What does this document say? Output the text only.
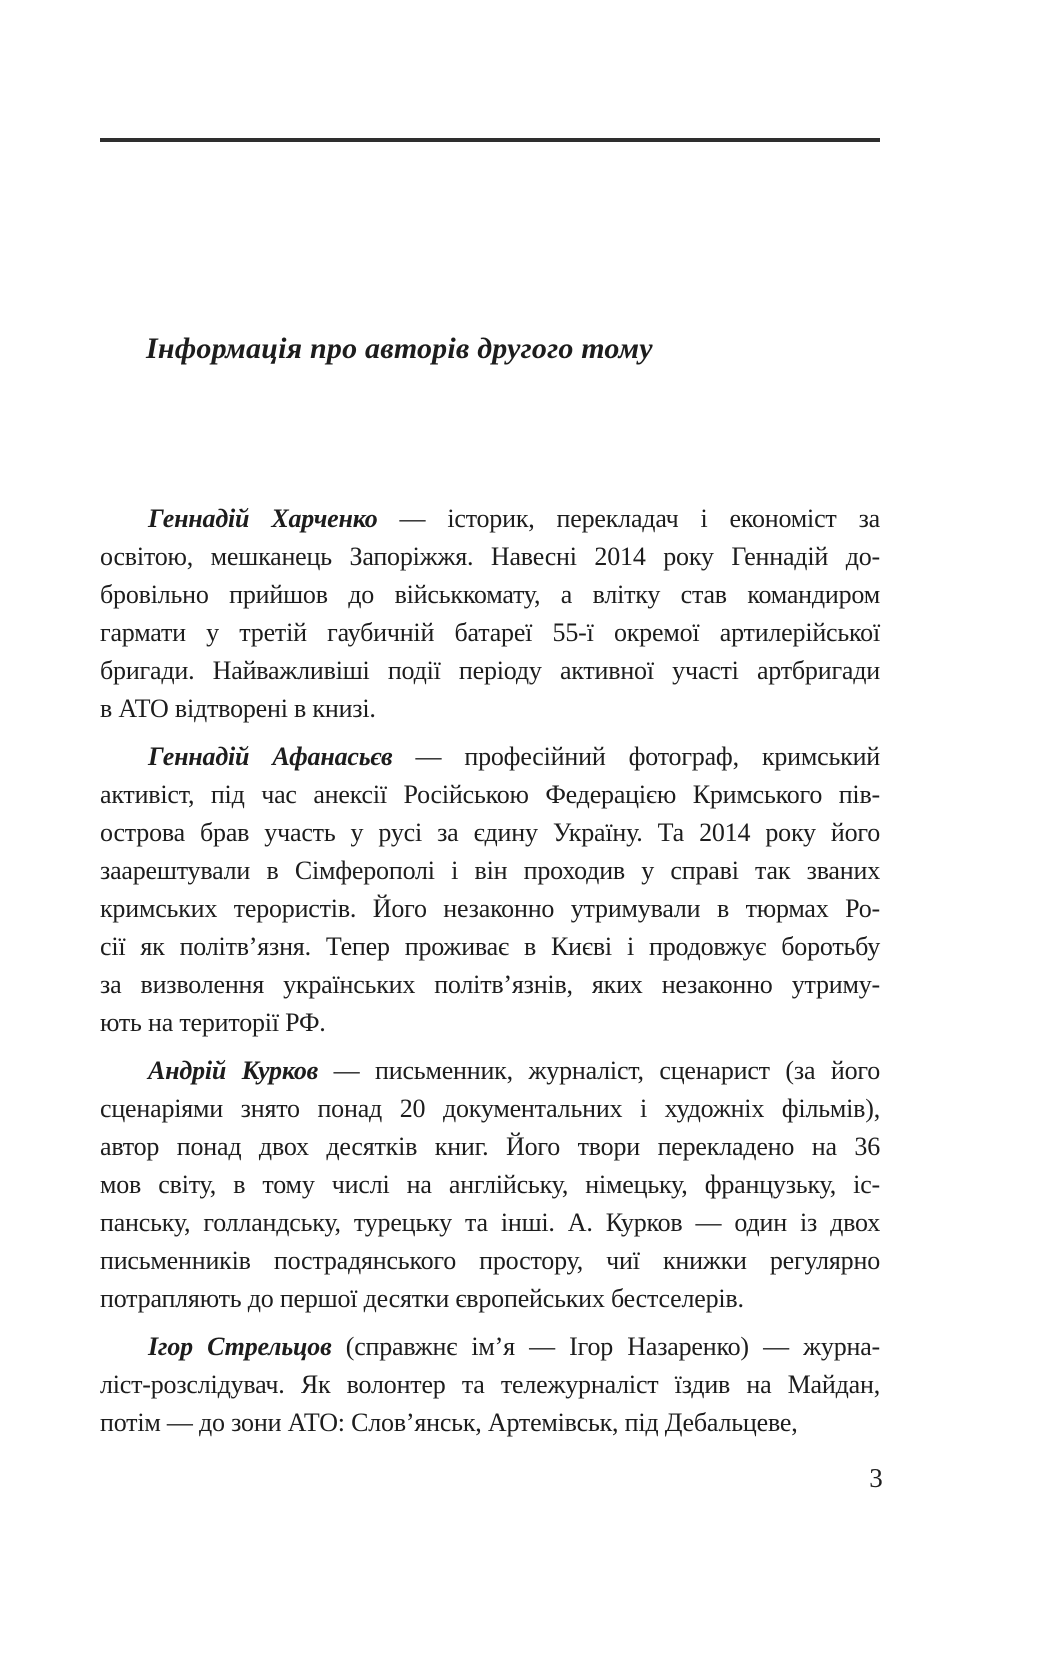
Інформація про авторів другого тому
Геннадій Харченко — історик, перекладач і економіст за
освітою, мешканець Запоріжжя. Навесні 2014 року Геннадій до-
бровільно прийшов до військкомату, а влітку став командиром
гармати у третій гаубичній батареї 55-ї окремої артилерійської
бригади. Найважливіші події періоду активної участі артбригади
в АТО відтворені в книзі.
Геннадій Афанасьєв — професійний фотограф, кримський
активіст, під час анексії Російською Федерацією Кримського пів-
острова брав участь у русі за єдину Україну. Та 2014 року його
заарештували в Сімферополі і він проходив у справі так званих
кримських терористів. Його незаконно утримували в тюрмах Ро-
сії як політв’язня. Тепер проживає в Києві і продовжує боротьбу
за визволення українських політв’язнів, яких незаконно утриму-
ють на території РФ.
Андрій Курков — письменник, журналіст, сценарист (за його
сценаріями знято понад 20 документальних і художніх фільмів),
автор понад двох десятків книг. Його твори перекладено на 36
мов світу, в тому числі на англійську, німецьку, французьку, іс-
панську, голландську, турецьку та інші. А. Курков — один із двох
письменників пострадянського простору, чиї книжки регулярно
потрапляють до першої десятки європейських бестселерів.
Ігор Стрельцов (справжнє ім’я — Ігор Назаренко) — журна-
ліст-розслідувач. Як волонтер та тележурналіст їздив на Майдан,
потім — до зони АТО: Слов’янськ, Артемівськ, під Дебальцеве,
3
